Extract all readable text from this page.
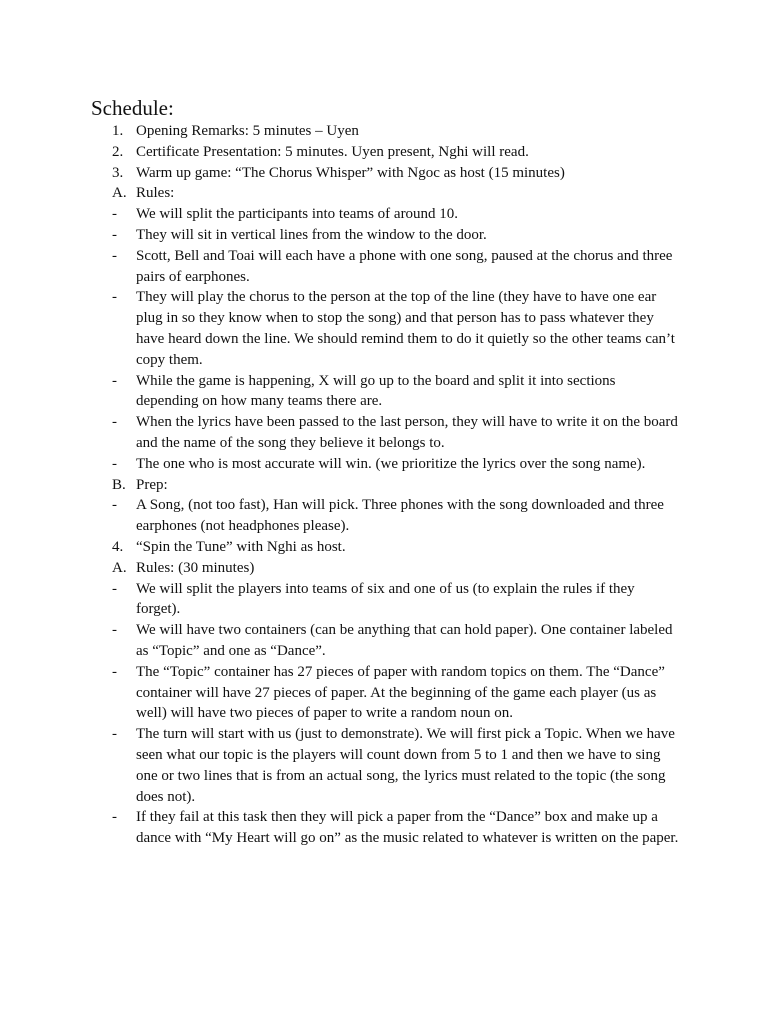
Schedule:
1. Opening Remarks: 5 minutes – Uyen
2. Certificate Presentation: 5 minutes. Uyen present, Nghi will read.
3. Warm up game: “The Chorus Whisper” with Ngoc as host (15 minutes)
A. Rules:
-	We will split the participants into teams of around 10.
-	They will sit in vertical lines from the window to the door.
-	Scott, Bell and Toai will each have a phone with one song, paused at the chorus and three pairs of earphones.
-	They will play the chorus to the person at the top of the line (they have to have one ear plug in so they know when to stop the song) and that person has to pass whatever they have heard down the line. We should remind them to do it quietly so the other teams can’t copy them.
-	While the game is happening, X will go up to the board and split it into sections depending on how many teams there are.
-	When the lyrics have been passed to the last person, they will have to write it on the board and the name of the song they believe it belongs to.
-	The one who is most accurate will win. (we prioritize the lyrics over the song name).
B. Prep:
-	A Song, (not too fast), Han will pick. Three phones with the song downloaded and three earphones (not headphones please).
4. “Spin the Tune” with Nghi as host.
A. Rules: (30 minutes)
-	We will split the players into teams of six and one of us (to explain the rules if they forget).
-	We will have two containers (can be anything that can hold paper). One container labeled as “Topic” and one as “Dance”.
-	The “Topic” container has 27 pieces of paper with random topics on them. The “Dance” container will have 27 pieces of paper. At the beginning of the game each player (us as well) will have two pieces of paper to write a random noun on.
-	The turn will start with us (just to demonstrate). We will first pick a Topic. When we have seen what our topic is the players will count down from 5 to 1 and then we have to sing one or two lines that is from an actual song, the lyrics must related to the topic (the song does not).
-	If they fail at this task then they will pick a paper from the “Dance” box and make up a dance with “My Heart will go on” as the music related to whatever is written on the paper.
